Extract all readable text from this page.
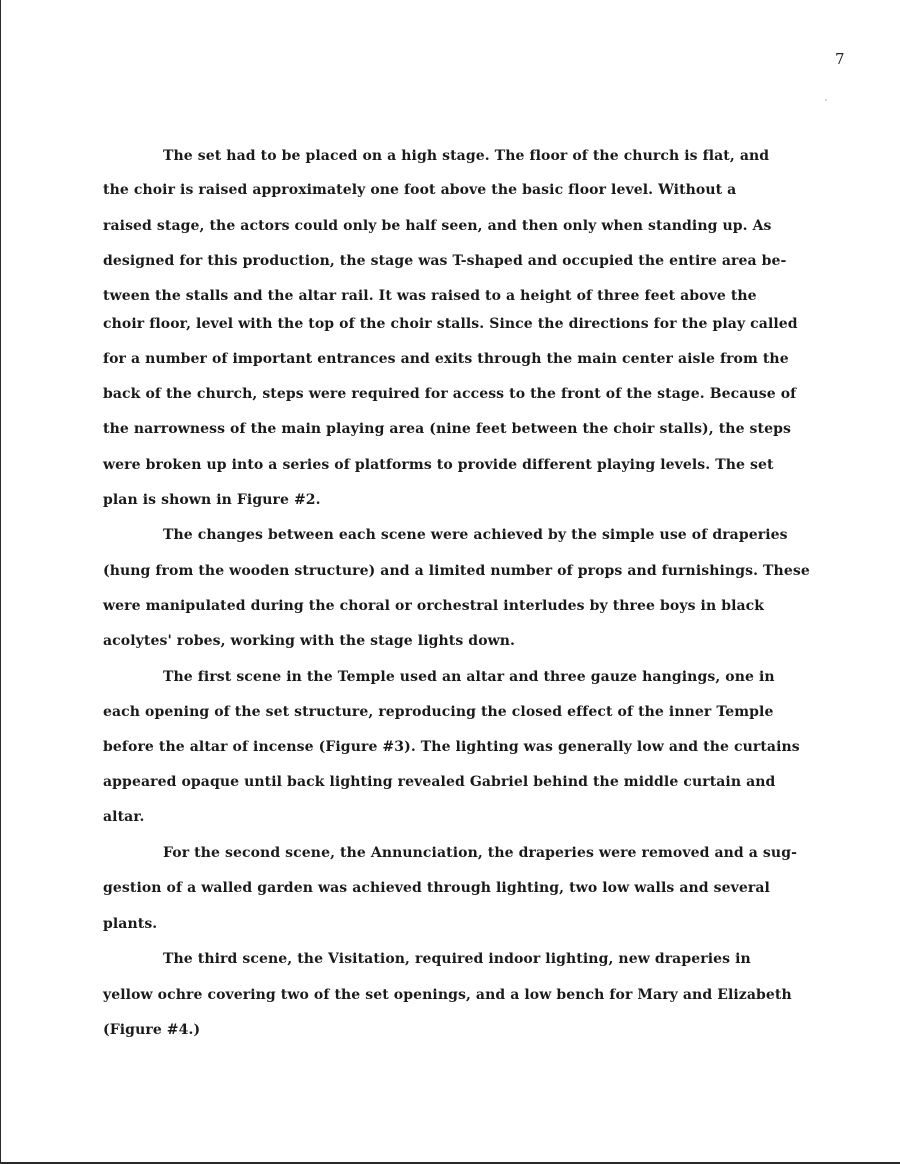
7
The set had to be placed on a high stage. The floor of the church is flat, and
the choir is raised approximately one foot above the basic floor level. Without a
raised stage, the actors could only be half seen, and then only when standing up. As
designed for this production, the stage was T-shaped and occupied the entire area be-
tween the stalls and the altar rail. It was raised to a height of three feet above the
choir floor, level with the top of the choir stalls. Since the directions for the play called
for a number of important entrances and exits through the main center aisle from the
back of the church, steps were required for access to the front of the stage. Because of
the narrowness of the main playing area (nine feet between the choir stalls), the steps
were broken up into a series of platforms to provide different playing levels. The set
plan is shown in Figure #2.
The changes between each scene were achieved by the simple use of draperies
(hung from the wooden structure) and a limited number of props and furnishings. These
were manipulated during the choral or orchestral interludes by three boys in black
acolytes' robes, working with the stage lights down.
The first scene in the Temple used an altar and three gauze hangings, one in
each opening of the set structure, reproducing the closed effect of the inner Temple
before the altar of incense (Figure #3). The lighting was generally low and the curtains
appeared opaque until back lighting revealed Gabriel behind the middle curtain and
altar.
For the second scene, the Annunciation, the draperies were removed and a sug-
gestion of a walled garden was achieved through lighting, two low walls and several
plants.
The third scene, the Visitation, required indoor lighting, new draperies in
yellow ochre covering two of the set openings, and a low bench for Mary and Elizabeth
(Figure #4.)
